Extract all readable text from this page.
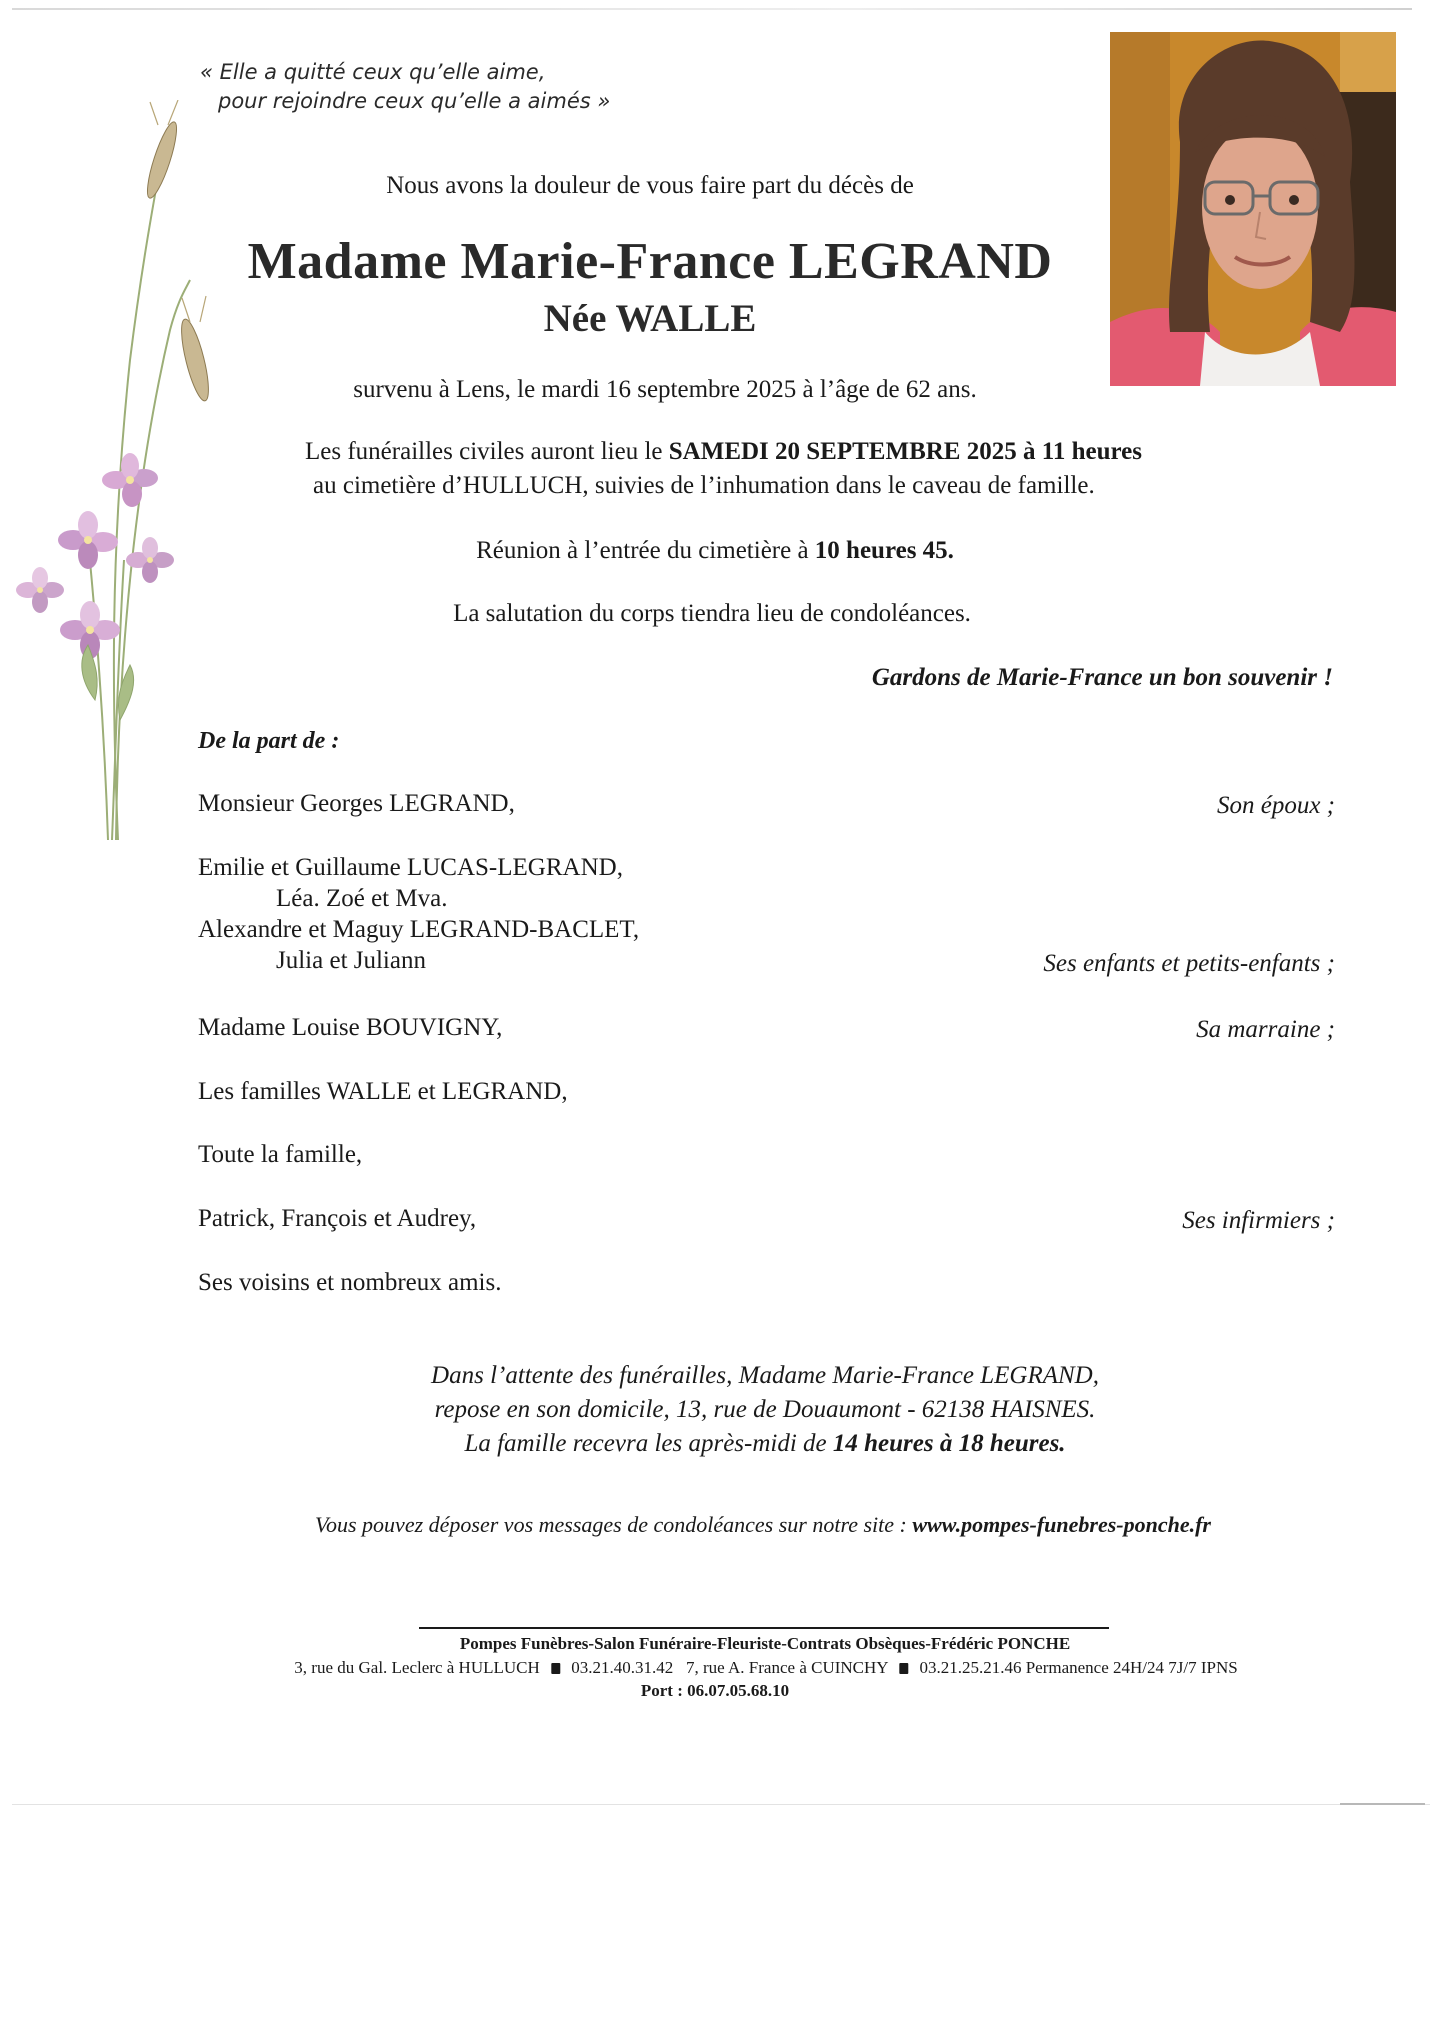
« Elle a quitté ceux qu’elle aime,
pour rejoindre ceux qu’elle a aimés »
Nous avons la douleur de vous faire part du décès de
Madame Marie-France LEGRAND
Née WALLE
survenu à Lens, le mardi 16 septembre 2025 à l’âge de 62 ans.
Les funérailles civiles auront lieu le SAMEDI 20 SEPTEMBRE 2025 à 11 heures
au cimetière d’HULLUCH, suivies de l’inhumation dans le caveau de famille.
Réunion à l’entrée du cimetière à 10 heures 45.
La salutation du corps tiendra lieu de condoléances.
Gardons de Marie-France un bon souvenir !
De la part de :
Monsieur Georges LEGRAND,	Son époux ;
Emilie et Guillaume LUCAS-LEGRAND,
Léa. Zoé et Mva.
Alexandre et Maguy LEGRAND-BACLET,
Julia et Juliann	Ses enfants et petits-enfants ;
Madame Louise BOUVIGNY,	Sa marraine ;
Les familles WALLE et LEGRAND,
Toute la famille,
Patrick, François et Audrey,	Ses infirmiers ;
Ses voisins et nombreux amis.
Dans l’attente des funérailles, Madame Marie-France LEGRAND,
repose en son domicile, 13, rue de Douaumont - 62138 HAISNES.
La famille recevra les après-midi de 14 heures à 18 heures.
Vous pouvez déposer vos messages de condoléances sur notre site : www.pompes-funebres-ponche.fr
Pompes Funèbres-Salon Funéraire-Fleuriste-Contrats Obsèques-Frédéric PONCHE
3, rue du Gal. Leclerc à HULLUCH 03.21.40.31.42 7, rue A. France à CUINCHY 03.21.25.21.46 Permanence 24H/24 7J/7 IPNS
Port : 06.07.05.68.10
